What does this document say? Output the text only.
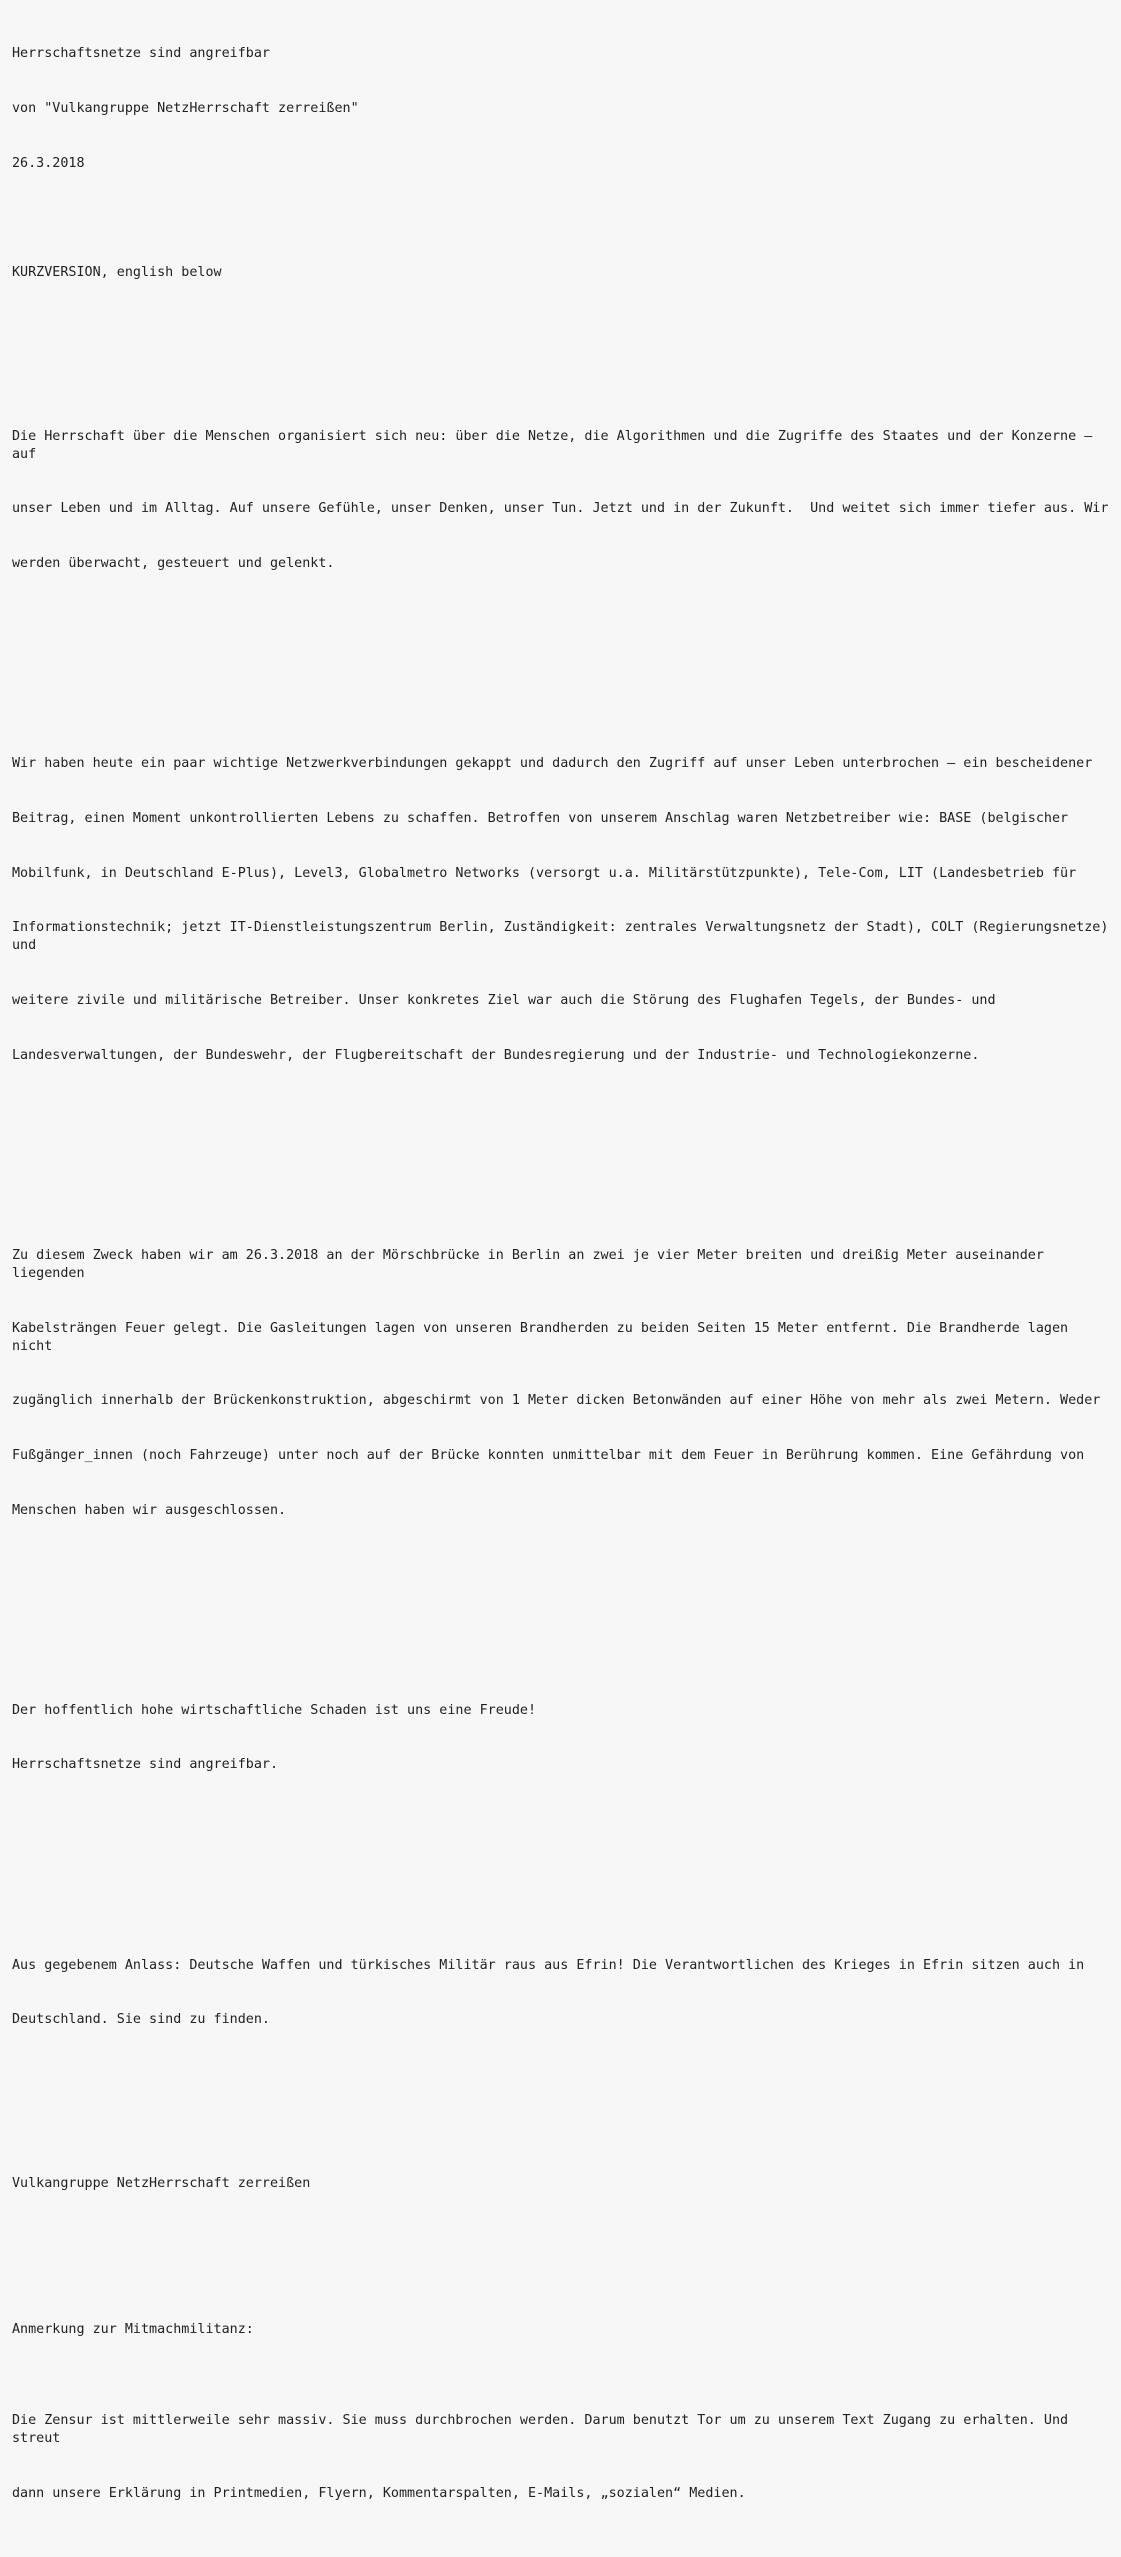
Herrschaftsnetze sind angreifbar

von "Vulkangruppe NetzHerrschaft zerreißen"

26.3.2018

KURZVERSION, english below

Die Herrschaft über die Menschen organisiert sich neu: über die Netze, die Algorithmen und die Zugriffe des Staates und der Konzerne – auf

unser Leben und im Alltag. Auf unsere Gefühle, unser Denken, unser Tun. Jetzt und in der Zukunft.  Und weitet sich immer tiefer aus. Wir

werden überwacht, gesteuert und gelenkt.

Wir haben heute ein paar wichtige Netzwerkverbindungen gekappt und dadurch den Zugriff auf unser Leben unterbrochen – ein bescheidener

Beitrag, einen Moment unkontrollierten Lebens zu schaffen. Betroffen von unserem Anschlag waren Netzbetreiber wie: BASE (belgischer

Mobilfunk, in Deutschland E-Plus), Level3, Globalmetro Networks (versorgt u.a. Militärstützpunkte), Tele-Com, LIT (Landesbetrieb für

Informationstechnik; jetzt IT-Dienstleistungszentrum Berlin, Zuständigkeit: zentrales Verwaltungsnetz der Stadt), COLT (Regierungsnetze) und

weitere zivile und militärische Betreiber. Unser konkretes Ziel war auch die Störung des Flughafen Tegels, der Bundes- und

Landesverwaltungen, der Bundeswehr, der Flugbereitschaft der Bundesregierung und der Industrie- und Technologiekonzerne.

Zu diesem Zweck haben wir am 26.3.2018 an der Mörschbrücke in Berlin an zwei je vier Meter breiten und dreißig Meter auseinander liegenden

Kabelsträngen Feuer gelegt. Die Gasleitungen lagen von unseren Brandherden zu beiden Seiten 15 Meter entfernt. Die Brandherde lagen nicht

zugänglich innerhalb der Brückenkonstruktion, abgeschirmt von 1 Meter dicken Betonwänden auf einer Höhe von mehr als zwei Metern. Weder

Fußgänger_innen (noch Fahrzeuge) unter noch auf der Brücke konnten unmittelbar mit dem Feuer in Berührung kommen. Eine Gefährdung von

Menschen haben wir ausgeschlossen.

Der hoffentlich hohe wirtschaftliche Schaden ist uns eine Freude!

Herrschaftsnetze sind angreifbar.

Aus gegebenem Anlass: Deutsche Waffen und türkisches Militär raus aus Efrin! Die Verantwortlichen des Krieges in Efrin sitzen auch in

Deutschland. Sie sind zu finden.

Vulkangruppe NetzHerrschaft zerreißen

Anmerkung zur Mitmachmilitanz:

Die Zensur ist mittlerweile sehr massiv. Sie muss durchbrochen werden. Darum benutzt Tor um zu unserem Text Zugang zu erhalten. Und streut

dann unsere Erklärung in Printmedien, Flyern, Kommentarspalten, E-Mails, „sozialen“ Medien.
